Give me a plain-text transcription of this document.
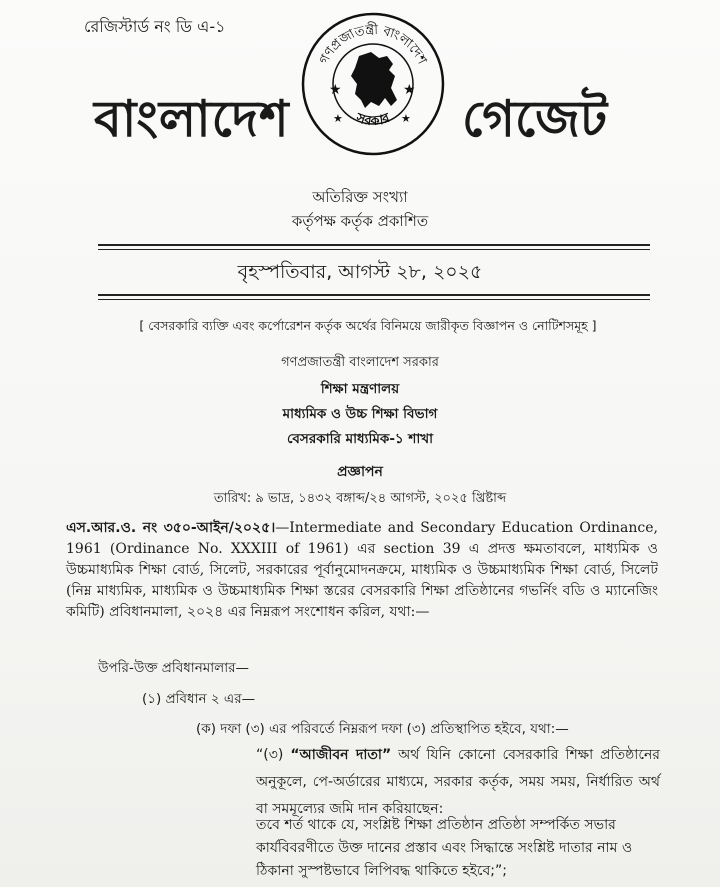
রেজিস্টার্ড নং ডি এ-১
বাংলাদেশ
গণপ্রজাতন্ত্রী বাংলাদেশ
সরকার
★	★
★	★ গেজেট
অতিরিক্ত সংখ্যা
কর্তৃপক্ষ কর্তৃক প্রকাশিত
বৃহস্পতিবার, আগস্ট ২৮, ২০২৫
[ বেসরকারি ব্যক্তি এবং কর্পোরেশন কর্তৃক অর্থের বিনিময়ে জারীকৃত বিজ্ঞাপন ও নোটিশসমূহ ]
গণপ্রজাতন্ত্রী বাংলাদেশ সরকার
শিক্ষা মন্ত্রণালয়
মাধ্যমিক ও উচ্চ শিক্ষা বিভাগ
বেসরকারি মাধ্যমিক-১ শাখা
প্রজ্ঞাপন
তারিখ: ৯ ভাদ্র, ১৪৩২ বঙ্গাব্দ/২৪ আগস্ট, ২০২৫ খ্রিষ্টাব্দ
এস.আর.ও. নং ৩৫০-আইন/২০২৫।—Intermediate and Secondary Education Ordinance, 1961 (Ordinance No. XXXIII of 1961) এর section 39 এ প্রদত্ত ক্ষমতাবলে, মাধ্যমিক ও উচ্চমাধ্যমিক শিক্ষা বোর্ড, সিলেট, সরকারের পূর্বানুমোদনক্রমে, মাধ্যমিক ও উচ্চমাধ্যমিক শিক্ষা বোর্ড, সিলেট (নিম্ন মাধ্যমিক, মাধ্যমিক ও উচ্চমাধ্যমিক শিক্ষা স্তরের বেসরকারি শিক্ষা প্রতিষ্ঠানের গভর্নিং বডি ও ম্যানেজিং কমিটি) প্রবিধানমালা, ২০২৪ এর নিম্নরূপ সংশোধন করিল, যথা:—
উপরি-উক্ত প্রবিধানমালার—
(১) প্রবিধান ২ এর—
(ক) দফা (৩) এর পরিবর্তে নিম্নরূপ দফা (৩) প্রতিস্থাপিত হইবে, যথা:—
“(৩) “আজীবন দাতা” অর্থ যিনি কোনো বেসরকারি শিক্ষা প্রতিষ্ঠানের অনুকূলে, পে-অর্ডারের মাধ্যমে, সরকার কর্তৃক, সময় সময়, নির্ধারিত অর্থ বা সমমূল্যের জমি দান করিয়াছেন:
তবে শর্ত থাকে যে, সংশ্লিষ্ট শিক্ষা প্রতিষ্ঠান প্রতিষ্ঠা সম্পর্কিত সভার কার্যবিবরণীতে উক্ত দানের প্রস্তাব এবং সিদ্ধান্তে সংশ্লিষ্ট দাতার নাম ও ঠিকানা সুস্পষ্টভাবে লিপিবদ্ধ থাকিতে হইবে;”;
